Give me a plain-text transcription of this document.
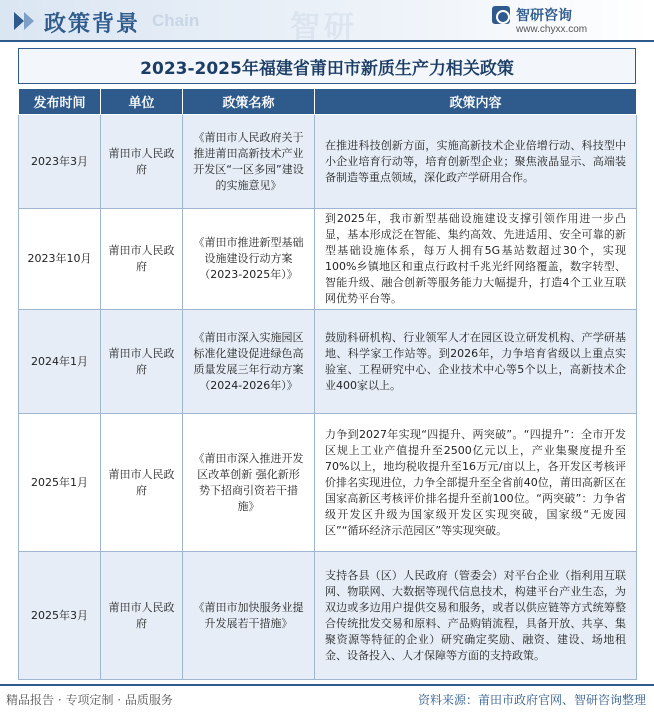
政策背景 Chain	智研	智研咨询
www.chyxx.com
2023-2025年福建省莆田市新质生产力相关政策
发布时间	单位	政策名称	政策内容
2023年3月	莆田市人民政府	《莆田市人民政府关于推进莆田高新技术产业开发区“一区多园”建设的实施意见》	在推进科技创新方面，实施高新技术企业倍增行动、科技型中小企业培育行动等，培育创新型企业；聚焦液晶显示、高端装备制造等重点领域，深化政产学研用合作。
2023年10月	莆田市人民政府	《莆田市推进新型基础设施建设行动方案（2023-2025年）》	到2025年，我市新型基础设施建设支撑引领作用进一步凸显，基本形成泛在智能、集约高效、先进适用、安全可靠的新型基础设施体系，每万人拥有5G基站数超过30个，实现100%乡镇地区和重点行政村千兆光纤网络覆盖，数字转型、智能升级、融合创新等服务能力大幅提升，打造4个工业互联网优势平台等。
2024年1月	莆田市人民政府	《莆田市深入实施园区标准化建设促进绿色高质量发展三年行动方案（2024-2026年）》	鼓励科研机构、行业领军人才在园区设立研发机构、产学研基地、科学家工作站等。到2026年，力争培育省级以上重点实验室、工程研究中心、企业技术中心等5个以上，高新技术企业400家以上。
2025年1月	莆田市人民政府	《莆田市深入推进开发区改革创新 强化新形势下招商引资若干措施》	力争到2027年实现“四提升、两突破”。“四提升”：全市开发区规上工业产值提升至2500亿元以上，产业集聚度提升至70%以上，地均税收提升至16万元/亩以上，各开发区考核评价排名实现进位，力争全部提升至全省前40位，莆田高新区在国家高新区考核评价排名提升至前100位。“两突破”：力争省级开发区升级为国家级开发区实现突破，国家级“无废园区”“循环经济示范园区”等实现突破。
2025年3月	莆田市人民政府	《莆田市加快服务业提升发展若干措施》	支持各县（区）人民政府（管委会）对平台企业（指利用互联网、物联网、大数据等现代信息技术，构建平台产业生态，为双边或多边用户提供交易和服务，或者以供应链等方式统筹整合传统批发交易和原料、产品购销流程，具备开放、共享、集聚资源等特征的企业）研究确定奖励、融资、建设、场地租金、设备投入、人才保障等方面的支持政策。
精品报告 · 专项定制 · 品质服务	资料来源：莆田市政府官网、智研咨询整理
